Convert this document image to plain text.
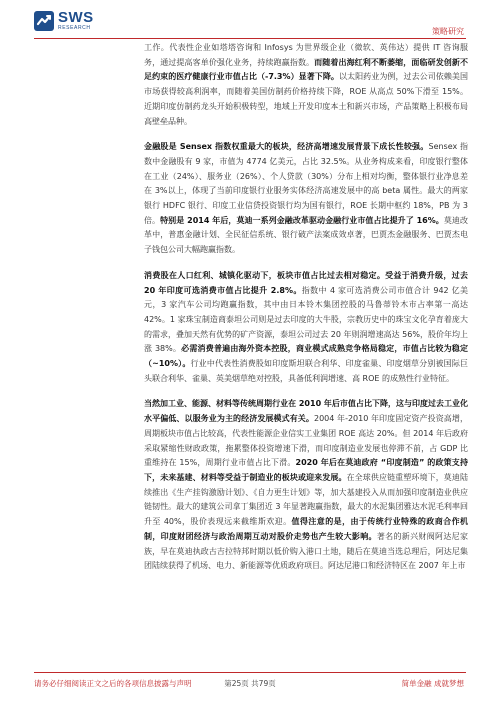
SWS
RESEARCH	策略研究

工作。代表性企业如塔塔咨询和 Infosys 为世界级企业（微软、英伟达）提供 IT 咨询服务，通过提高客单价强化业务，持续跑赢指数。而随着出海红利不断萎缩，面临研发创新不足约束的医疗健康行业市值占比（-7.3%）显著下降。以太阳药业为例，过去公司依赖美国市场获得较高利润率，而随着美国仿制药价格持续下降，ROE 从高点 50%下滑至 15%。近期印度仿制药龙头开始积极转型，地域上开发印度本土和新兴市场，产品策略上积极布局高壁垒品种。

金融股是 Sensex 指数权重最大的板块，经济高增速发展背景下成长性较强。Sensex 指数中金融股有 9 家，市值为 4774 亿美元，占比 32.5%。从业务构成来看，印度银行整体在工业（24%）、服务业（26%）、个人贷款（30%）分布上相对均衡，整体银行业净息差在 3%以上，体现了当前印度银行业服务实体经济高速发展中的高 beta 属性。最大的两家银行 HDFC 银行、印度工业信贷投资银行均为国有银行，ROE 长期中枢约 18%，PB 为 3 倍。特别是 2014 年后，莫迪一系列金融改革驱动金融行业市值占比提升了 16%。莫迪改革中，普惠金融计划、全民征信系统、银行破产法案成效卓著，巴贾杰金融服务、巴贾杰电子钱包公司大幅跑赢指数。

消费股在人口红利、城镇化驱动下，板块市值占比过去相对稳定。受益于消费升级，过去 20 年印度可选消费市值占比提升 2.8%。指数中 4 家可选消费公司市值合计 942 亿美元，3 家汽车公司均跑赢指数，其中由日本铃木集团控股的马鲁蒂铃木市占率第一高达 42%。1 家珠宝制造商泰坦公司则是过去印度的大牛股，宗教历史中的珠宝文化孕育着庞大的需求，叠加天然有优势的矿产资源，泰坦公司过去 20 年则润增速高达 56%，股价年均上涨 38%。必需消费普遍由海外资本控股，商业模式成熟竞争格局稳定，市值占比较为稳定（~10%）。行业中代表性消费股如印度斯坦联合利华、印度雀巢、印度烟草分别被国际巨头联合利华、雀巢、英美烟草绝对控股，具备低利润增速、高 ROE 的成熟性行业特征。

当然加工业、能源、材料等传统周期行业在 2010 年后市值占比下降，这与印度过去工业化水平偏低、以服务业为主的经济发展模式有关。2004 年-2010 年印度固定资产投资高增，周期板块市值占比较高，代表性能源企业信实工业集团 ROE 高达 20%。但 2014 年后政府采取紧缩性财政政策，拖累整体投资增速下滑，而印度制造业发展也停滞不前，占 GDP 比重维持在 15%，周期行业市值占比下滑。2020 年后在莫迪政府 “印度制造” 的政策支持下，未来基建、材料等受益于制造业的板块或迎来发展。在全球供应链重塑环境下，莫迪陆续推出《生产挂钩激励计划》、《自力更生计划》等，加大基建投入从而加强印度制造业供应链韧性。最大的建筑公司拿丁集团近 3 年显著跑赢指数，最大的水泥集团雅达水泥毛利率回升至 40%，股价表现远来截维斯欢迎。值得注意的是，由于传统行业特殊的政商合作机制，印度财团经济与政治周期互动对股价走势也产生较大影响。著名的新兴财阀阿达尼家族，早在莫迪执政古吉拉特邦时期以低价购入港口土地，随后在莫迪当选总理后，阿达尼集团陆续获得了机场、电力、新能源等优质政府项目。阿达尼港口和经济特区在 2007 年上市

请务必仔细阅读正文之后的各项信息披露与声明	第25页 共79页	简单金融 成就梦想
